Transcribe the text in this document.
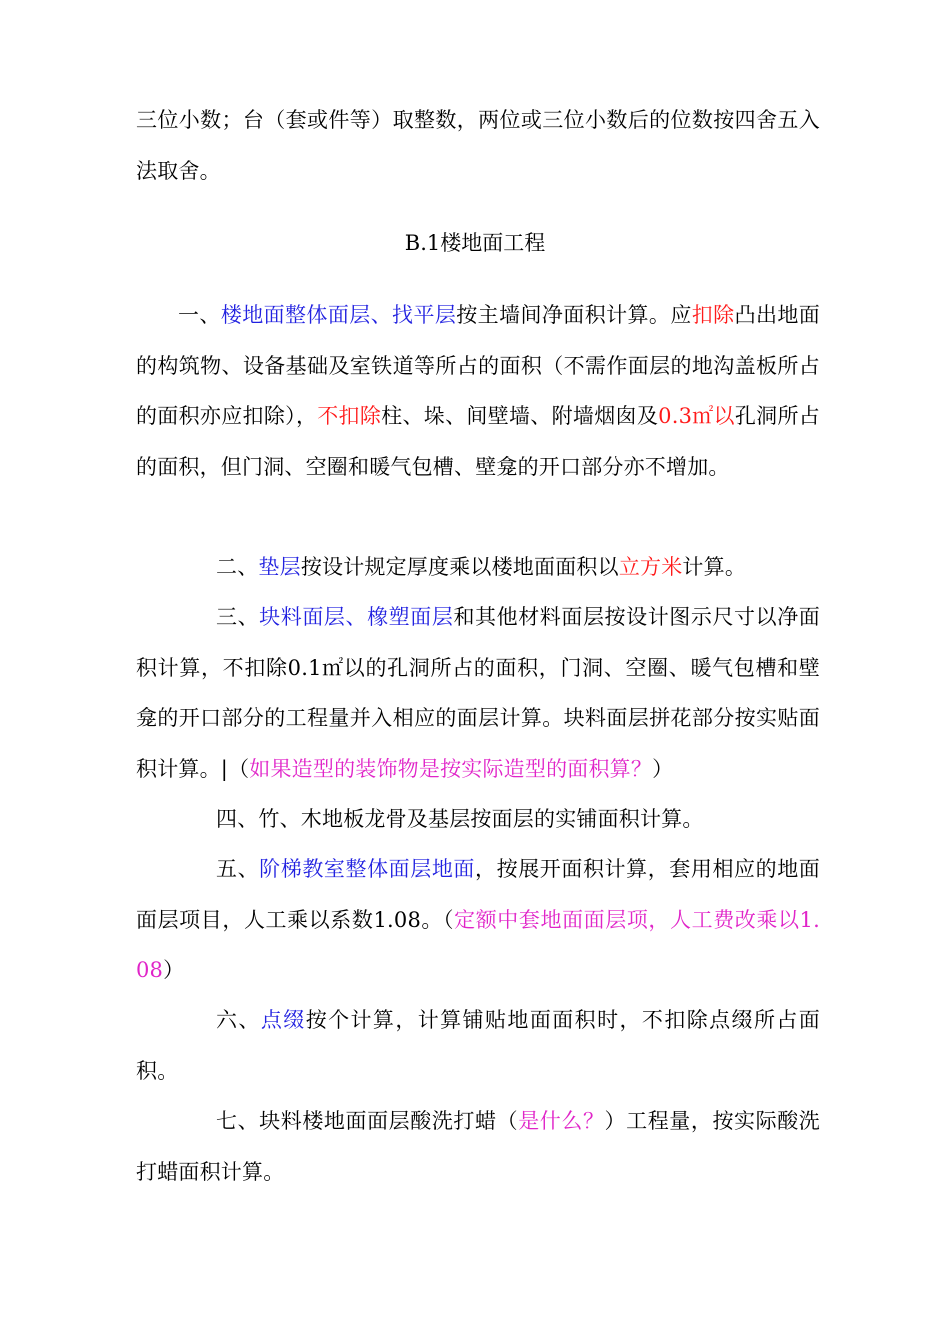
三位小数；台（套或件等）取整数，两位或三位小数后的位数按四舍五入法取舍。
B.1楼地面工程
一、楼地面整体面层、找平层按主墙间净面积计算。应扣除凸出地面的构筑物、设备基础及室铁道等所占的面积（不需作面层的地沟盖板所占的面积亦应扣除），不扣除柱、垛、间壁墙、附墙烟囱及0.3㎡以孔洞所占的面积，但门洞、空圈和暖气包槽、壁龛的开口部分亦不增加。
二、垫层按设计规定厚度乘以楼地面面积以立方米计算。
三、块料面层、橡塑面层和其他材料面层按设计图示尺寸以净面积计算，不扣除0.1㎡以的孔洞所占的面积，门洞、空圈、暖气包槽和壁龛的开口部分的工程量并入相应的面层计算。块料面层拼花部分按实贴面积计算。|（如果造型的装饰物是按实际造型的面积算？）
四、竹、木地板龙骨及基层按面层的实铺面积计算。
五、阶梯教室整体面层地面，按展开面积计算，套用相应的地面面层项目，人工乘以系数1.08。（定额中套地面面层项，人工费改乘以1.08）
六、点缀按个计算，计算铺贴地面面积时，不扣除点缀所占面积。
七、块料楼地面面层酸洗打蜡（是什么？）工程量，按实际酸洗打蜡面积计算。
